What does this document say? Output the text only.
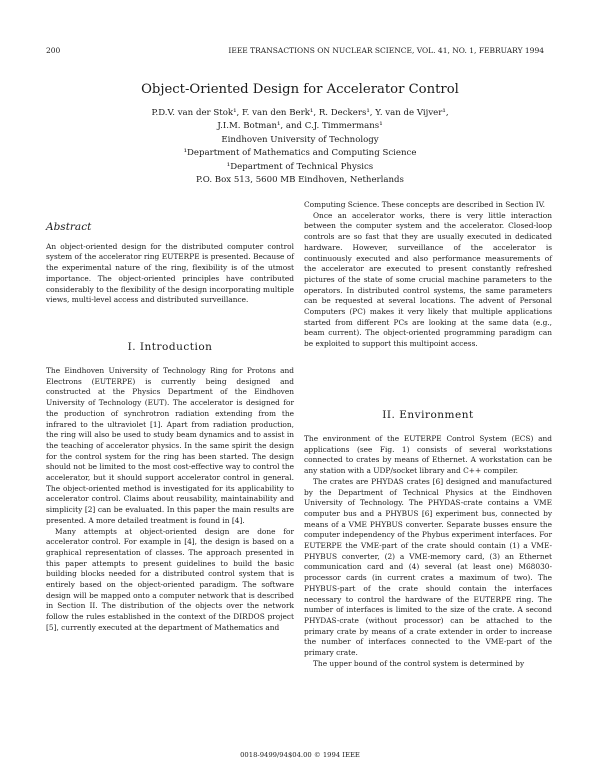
200	IEEE TRANSACTIONS ON NUCLEAR SCIENCE, VOL. 41, NO. 1, FEBRUARY 1994
Object-Oriented Design for Accelerator Control
P.D.V. van der Stok¹, F. van den Berk¹, R. Deckers¹, Y. van de Vijver¹,
J.I.M. Botman¹, and C.J. Timmermans¹
Eindhoven University of Technology
¹Department of Mathematics and Computing Science
¹Department of Technical Physics
P.O. Box 513, 5600 MB Eindhoven, Netherlands
Abstract

An object-oriented design for the distributed computer control system of the accelerator ring EUTERPE is presented. Because of the experimental nature of the ring, flexibility is of the utmost importance. The object-oriented principles have contributed considerably to the flexibility of the design incorporating multiple views, multi-level access and distributed surveillance.

I. Introduction

The Eindhoven University of Technology Ring for Protons and Electrons (EUTERPE) is currently being designed and constructed at the Physics Department of the Eindhoven University of Technology (EUT). The accelerator is designed for the production of synchrotron radiation extending from the infrared to the ultraviolet [1]. Apart from radiation production, the ring will also be used to study beam dynamics and to assist in the teaching of accelerator physics. In the same spirit the design for the control system for the ring has been started. The design should not be limited to the most cost-effective way to control the accelerator, but it should support accelerator control in general. The object-oriented method is investigated for its applicability to accelerator control. Claims about reusability, maintainability and simplicity [2] can be evaluated. In this paper the main results are presented. A more detailed treatment is found in [4].

Many attempts at object-oriented design are done for accelerator control. For example in [4], the design is based on a graphical representation of classes. The approach presented in this paper attempts to present guidelines to build the basic building blocks needed for a distributed control system that is entirely based on the object-oriented paradigm. The software design will be mapped onto a computer network that is described in Section II. The distribution of the objects over the network follow the rules established in the context of the DIRDOS project [5], currently executed at the department of Mathematics and

Computing Science. These concepts are described in Section IV.

Once an accelerator works, there is very little interaction between the computer system and the accelerator. Closed-loop controls are so fast that they are usually executed in dedicated hardware. However, surveillance of the accelerator is continuously executed and also performance measurements of the accelerator are executed to present constantly refreshed pictures of the state of some crucial machine parameters to the operators. In distributed control systems, the same parameters can be requested at several locations. The advent of Personal Computers (PC) makes it very likely that multiple applications started from different PCs are looking at the same data (e.g., beam current). The object-oriented programming paradigm can be exploited to support this multipoint access.

II. Environment

The environment of the EUTERPE Control System (ECS) and applications (see Fig. 1) consists of several workstations connected to crates by means of Ethernet. A workstation can be any station with a UDP/socket library and C++ compiler.

The crates are PHYDAS crates [6] designed and manufactured by the Department of Technical Physics at the Eindhoven University of Technology. The PHYDAS-crate contains a VME computer bus and a PHYBUS [6] experiment bus, connected by means of a VME PHYBUS converter. Separate busses ensure the computer independency of the Phybus experiment interfaces. For EUTERPE the VME-part of the crate should contain (1) a VME-PHYBUS converter, (2) a VME-memory card, (3) an Ethernet communication card and (4) several (at least one) M68030-processor cards (in current crates a maximum of two). The PHYBUS-part of the crate should contain the interfaces necessary to control the hardware of the EUTERPE ring. The number of interfaces is limited to the size of the crate. A second PHYDAS-crate (without processor) can be attached to the primary crate by means of a crate extender in order to increase the number of interfaces connected to the VME-part of the primary crate.

The upper bound of the control system is determined by

0018-9499/94$04.00 © 1994 IEEE
